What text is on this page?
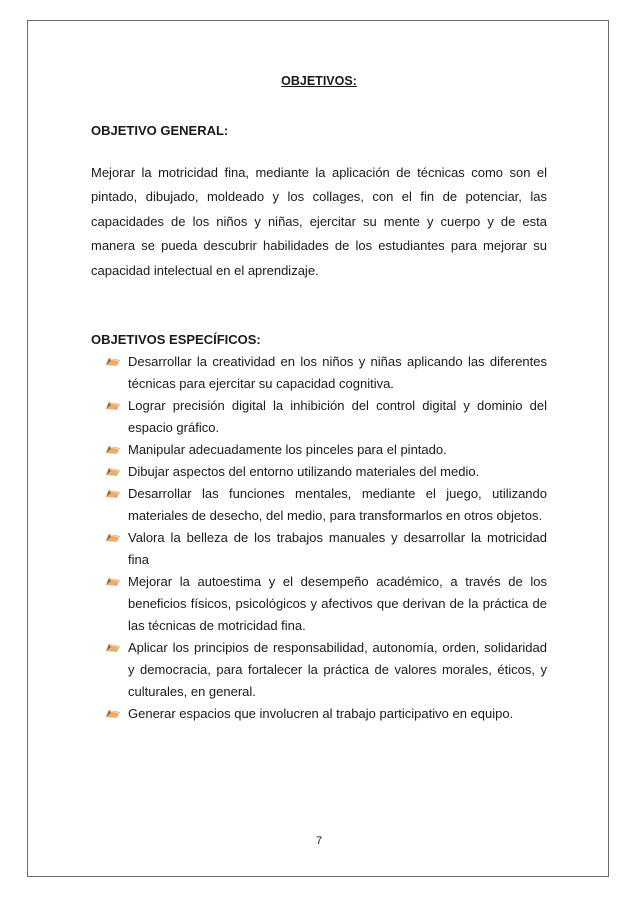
OBJETIVOS:

OBJETIVO GENERAL:

Mejorar la motricidad fina, mediante la aplicación de técnicas como son el pintado, dibujado, moldeado y los collages, con el fin de potenciar, las capacidades de los niños y niñas, ejercitar su mente y cuerpo y de esta manera se pueda descubrir habilidades de los estudiantes para mejorar su capacidad intelectual en el aprendizaje.

OBJETIVOS ESPECÍFICOS:

Desarrollar la creatividad en los niños y niñas aplicando las diferentes técnicas para ejercitar su capacidad cognitiva.
Lograr precisión digital la inhibición del control digital y dominio del espacio gráfico.
Manipular adecuadamente los pinceles para el pintado.
Dibujar aspectos del entorno utilizando materiales del medio.
Desarrollar las funciones mentales, mediante el juego, utilizando materiales de desecho, del medio, para transformarlos en otros objetos.
Valora la belleza de los trabajos manuales y desarrollar la motricidad fina
Mejorar la autoestima y el desempeño académico, a través de los beneficios físicos, psicológicos y afectivos que derivan de la práctica de las técnicas de motricidad fina.
Aplicar los principios de responsabilidad, autonomía, orden, solidaridad y democracia, para fortalecer la práctica de valores morales, éticos, y culturales, en general.
Generar espacios que involucren al trabajo participativo en equipo.

7
